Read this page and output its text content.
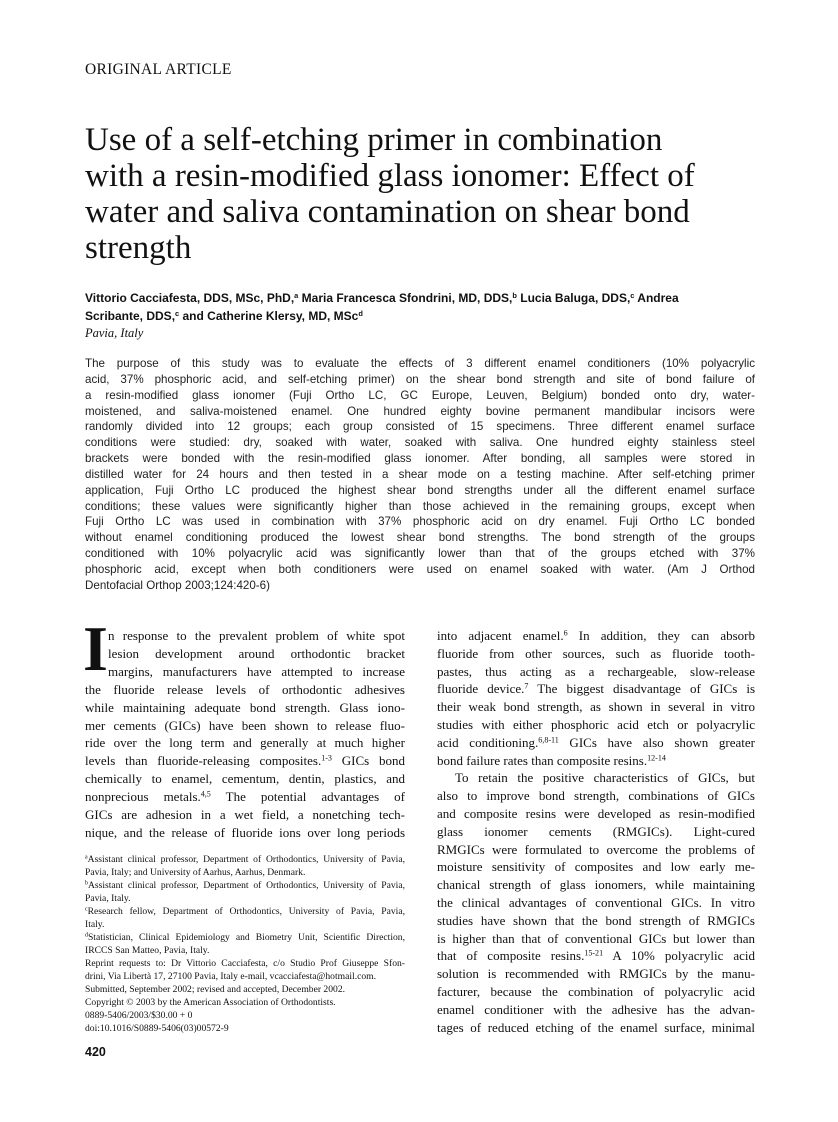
ORIGINAL ARTICLE
Use of a self-etching primer in combination
with a resin-modified glass ionomer: Effect of
water and saliva contamination on shear bond
strength
Vittorio Cacciafesta, DDS, MSc, PhD,$^a$ Maria Francesca Sfondrini, MD, DDS,$^b$ Lucia Baluga, DDS,$^c$ Andrea
Scribante, DDS,$^c$ and Catherine Klersy, MD, MSc$^d$
Pavia, Italy
The purpose of this study was to evaluate the effects of 3 different enamel conditioners (10% polyacrylic
acid, 37% phosphoric acid, and self-etching primer) on the shear bond strength and site of bond failure of
a resin-modified glass ionomer (Fuji Ortho LC, GC Europe, Leuven, Belgium) bonded onto dry, water-
moistened, and saliva-moistened enamel. One hundred eighty bovine permanent mandibular incisors were
randomly divided into 12 groups; each group consisted of 15 specimens. Three different enamel surface
conditions were studied: dry, soaked with water, soaked with saliva. One hundred eighty stainless steel
brackets were bonded with the resin-modified glass ionomer. After bonding, all samples were stored in
distilled water for 24 hours and then tested in a shear mode on a testing machine. After self-etching primer
application, Fuji Ortho LC produced the highest shear bond strengths under all the different enamel surface
conditions; these values were significantly higher than those achieved in the remaining groups, except when
Fuji Ortho LC was used in combination with 37% phosphoric acid on dry enamel. Fuji Ortho LC bonded
without enamel conditioning produced the lowest shear bond strengths. The bond strength of the groups
conditioned with 10% polyacrylic acid was significantly lower than that of the groups etched with 37%
phosphoric acid, except when both conditioners were used on enamel soaked with water. (Am J Orthod
Dentofacial Orthop 2003;124:420-6)
I n response to the prevalent problem of white spot
lesion development around orthodontic bracket
margins, manufacturers have attempted to increase
the fluoride release levels of orthodontic adhesives
while maintaining adequate bond strength. Glass iono-
mer cements (GICs) have been shown to release fluo-
ride over the long term and generally at much higher
levels than fluoride-releasing composites.$^{1-3}$ GICs bond
chemically to enamel, cementum, dentin, plastics, and
nonprecious metals.$^{4,5}$ The potential advantages of
GICs are adhesion in a wet field, a nonetching tech-
nique, and the release of fluoride ions over long periods
into adjacent enamel.$^6$ In addition, they can absorb
fluoride from other sources, such as fluoride tooth-
pastes, thus acting as a rechargeable, slow-release
fluoride device.$^7$ The biggest disadvantage of GICs is
their weak bond strength, as shown in several in vitro
studies with either phosphoric acid etch or polyacrylic
acid conditioning.$^{6,8-11}$ GICs have also shown greater
bond failure rates than composite resins.$^{12-14}$
To retain the positive characteristics of GICs, but
also to improve bond strength, combinations of GICs
and composite resins were developed as resin-modified
glass ionomer cements (RMGICs). Light-cured
RMGICs were formulated to overcome the problems of
moisture sensitivity of composites and low early me-
chanical strength of glass ionomers, while maintaining
the clinical advantages of conventional GICs. In vitro
studies have shown that the bond strength of RMGICs
is higher than that of conventional GICs but lower than
that of composite resins.$^{15-21}$ A 10% polyacrylic acid
solution is recommended with RMGICs by the manu-
facturer, because the combination of polyacrylic acid
enamel conditioner with the adhesive has the advan-
tages of reduced etching of the enamel surface, minimal
$^a$Assistant clinical professor, Department of Orthodontics, University of Pavia,
Pavia, Italy; and University of Aarhus, Aarhus, Denmark.
$^b$Assistant clinical professor, Department of Orthodontics, University of Pavia,
Pavia, Italy.
$^c$Research fellow, Department of Orthodontics, University of Pavia, Pavia,
Italy.
$^d$Statistician, Clinical Epidemiology and Biometry Unit, Scientific Direction,
IRCCS San Matteo, Pavia, Italy.
Reprint requests to: Dr Vittorio Cacciafesta, c/o Studio Prof Giuseppe Sfon-
drini, Via Libertà 17, 27100 Pavia, Italy e-mail, vcacciafesta@hotmail.com.
Submitted, September 2002; revised and accepted, December 2002.
Copyright © 2003 by the American Association of Orthodontists.
0889-5406/2003/$30.00 + 0
doi:10.1016/S0889-5406(03)00572-9
420
